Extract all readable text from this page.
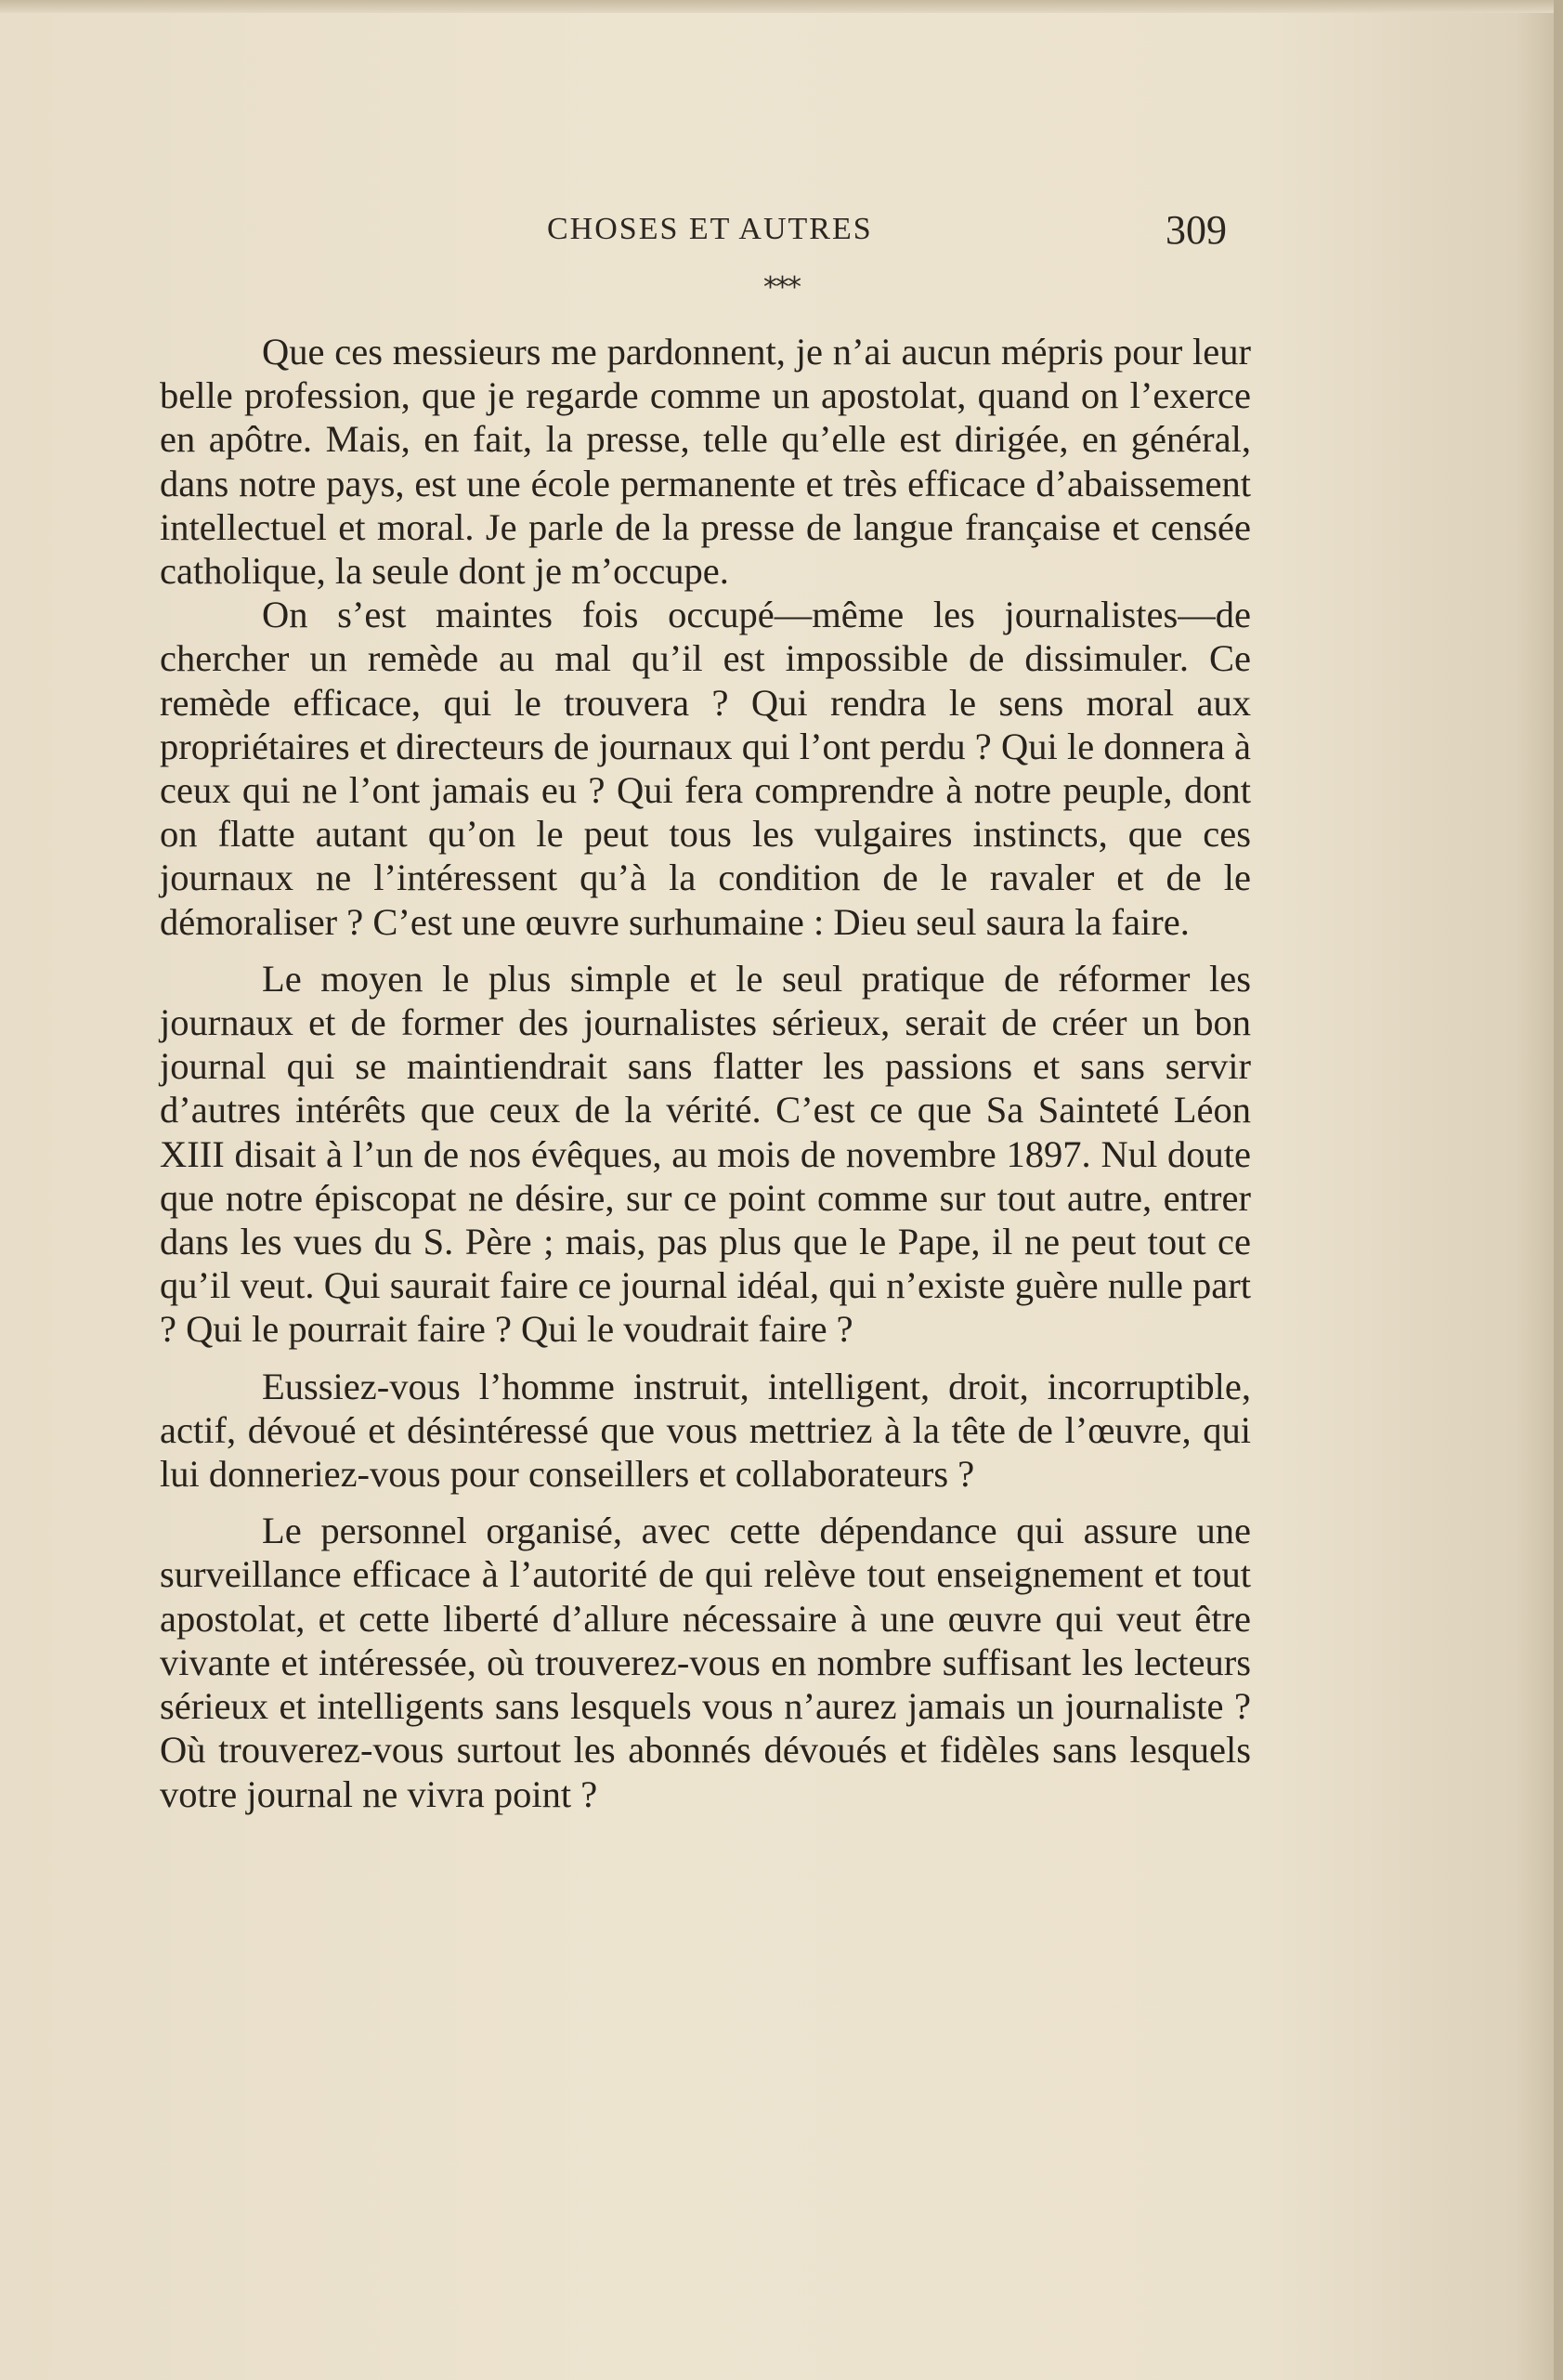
CHOSES ET AUTRES	309
***

Que ces messieurs me pardonnent, je n’ai aucun mépris pour leur belle profession, que je regarde comme un apostolat, quand on l’exerce en apôtre. Mais, en fait, la presse, telle qu’elle est dirigée, en général, dans notre pays, est une école permanente et très efficace d’abaissement intellectuel et moral. Je parle de la presse de langue française et censée catholique, la seule dont je m’occupe.

On s’est maintes fois occupé—même les journalistes—de chercher un remède au mal qu’il est impossible de dissimuler. Ce remède efficace, qui le trouvera ? Qui rendra le sens moral aux propriétaires et directeurs de journaux qui l’ont perdu ? Qui le donnera à ceux qui ne l’ont jamais eu ? Qui fera comprendre à notre peuple, dont on flatte autant qu’on le peut tous les vulgaires instincts, que ces journaux ne l’intéressent qu’à la condition de le ravaler et de le démoraliser ? C’est une œuvre surhumaine : Dieu seul saura la faire.

Le moyen le plus simple et le seul pratique de réformer les journaux et de former des journalistes sérieux, serait de créer un bon journal qui se maintiendrait sans flatter les passions et sans servir d’autres intérêts que ceux de la vérité. C’est ce que Sa Sainteté Léon XIII disait à l’un de nos évêques, au mois de novembre 1897. Nul doute que notre épiscopat ne désire, sur ce point comme sur tout autre, entrer dans les vues du S. Père ; mais, pas plus que le Pape, il ne peut tout ce qu’il veut. Qui saurait faire ce journal idéal, qui n’existe guère nulle part ? Qui le pourrait faire ? Qui le voudrait faire ?

Eussiez-vous l’homme instruit, intelligent, droit, incorruptible, actif, dévoué et désintéressé que vous mettriez à la tête de l’œuvre, qui lui donneriez-vous pour conseillers et collaborateurs ?

Le personnel organisé, avec cette dépendance qui assure une surveillance efficace à l’autorité de qui relève tout enseignement et tout apostolat, et cette liberté d’allure nécessaire à une œuvre qui veut être vivante et intéressée, où trouverez-vous en nombre suffisant les lecteurs sérieux et intelligents sans lesquels vous n’aurez jamais un journaliste ? Où trouverez-vous surtout les abonnés dévoués et fidèles sans lesquels votre journal ne vivra point ?
